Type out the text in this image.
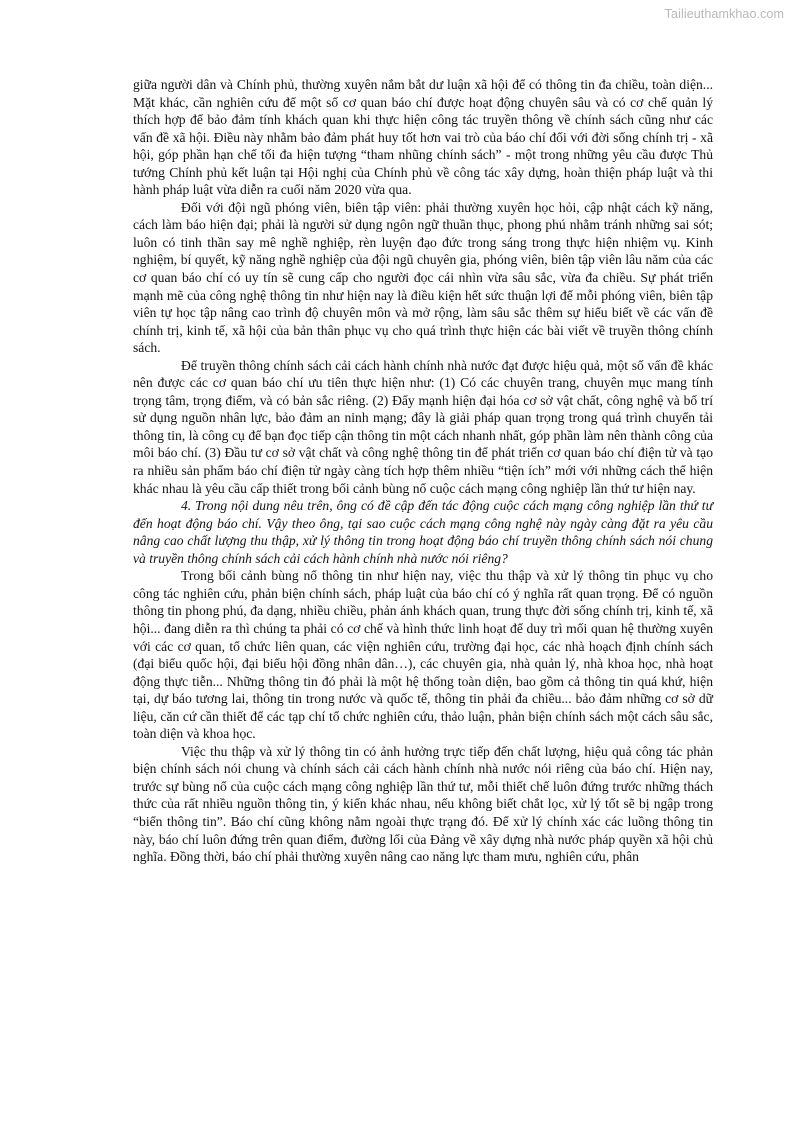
Tailieuthamkhao.com

giữa người dân và Chính phủ, thường xuyên nắm bắt dư luận xã hội để có thông tin đa chiều, toàn diện... Mặt khác, cần nghiên cứu để một số cơ quan báo chí được hoạt động chuyên sâu và có cơ chế quản lý thích hợp để bảo đảm tính khách quan khi thực hiện công tác truyền thông về chính sách cũng như các vấn đề xã hội. Điều này nhằm bảo đảm phát huy tốt hơn vai trò của báo chí đối với đời sống chính trị - xã hội, góp phần hạn chế tối đa hiện tượng “tham nhũng chính sách” - một trong những yêu cầu được Thủ tướng Chính phủ kết luận tại Hội nghị của Chính phủ về công tác xây dựng, hoàn thiện pháp luật và thi hành pháp luật vừa diễn ra cuối năm 2020 vừa qua.

Đối với đội ngũ phóng viên, biên tập viên: phải thường xuyên học hỏi, cập nhật cách kỹ năng, cách làm báo hiện đại; phải là người sử dụng ngôn ngữ thuần thục, phong phú nhằm tránh những sai sót; luôn có tinh thần say mê nghề nghiệp, rèn luyện đạo đức trong sáng trong thực hiện nhiệm vụ. Kinh nghiệm, bí quyết, kỹ năng nghề nghiệp của đội ngũ chuyên gia, phóng viên, biên tập viên lâu năm của các cơ quan báo chí có uy tín sẽ cung cấp cho người đọc cái nhìn vừa sâu sắc, vừa đa chiều. Sự phát triển mạnh mẽ của công nghệ thông tin như hiện nay là điều kiện hết sức thuận lợi để mỗi phóng viên, biên tập viên tự học tập nâng cao trình độ chuyên môn và mở rộng, làm sâu sắc thêm sự hiểu biết về các vấn đề chính trị, kinh tế, xã hội của bản thân phục vụ cho quá trình thực hiện các bài viết về truyền thông chính sách.

Để truyền thông chính sách cải cách hành chính nhà nước đạt được hiệu quả, một số vấn đề khác nên được các cơ quan báo chí ưu tiên thực hiện như: (1) Có các chuyên trang, chuyên mục mang tính trọng tâm, trọng điểm, và có bản sắc riêng. (2) Đẩy mạnh hiện đại hóa cơ sở vật chất, công nghệ và bố trí sử dụng nguồn nhân lực, bảo đảm an ninh mạng; đây là giải pháp quan trọng trong quá trình chuyển tải thông tin, là công cụ để bạn đọc tiếp cận thông tin một cách nhanh nhất, góp phần làm nên thành công của môi báo chí. (3) Đầu tư cơ sở vật chất và công nghệ thông tin để phát triển cơ quan báo chí điện tử và tạo ra nhiều sản phẩm báo chí điện tử ngày càng tích hợp thêm nhiều “tiện ích” mới với những cách thể hiện khác nhau là yêu cầu cấp thiết trong bối cảnh bùng nổ cuộc cách mạng công nghiệp lần thứ tư hiện nay.

4. Trong nội dung nêu trên, ông có đề cập đến tác động cuộc cách mạng công nghiệp lần thứ tư đến hoạt động báo chí. Vậy theo ông, tại sao cuộc cách mạng công nghệ này ngày càng đặt ra yêu cầu nâng cao chất lượng thu thập, xử lý thông tin trong hoạt động báo chí truyền thông chính sách nói chung và truyền thông chính sách cải cách hành chính nhà nước nói riêng?

Trong bối cảnh bùng nổ thông tin như hiện nay, việc thu thập và xử lý thông tin phục vụ cho công tác nghiên cứu, phản biện chính sách, pháp luật của báo chí có ý nghĩa rất quan trọng. Để có nguồn thông tin phong phú, đa dạng, nhiều chiều, phản ánh khách quan, trung thực đời sống chính trị, kinh tế, xã hội... đang diễn ra thì chúng ta phải có cơ chế và hình thức linh hoạt để duy trì mối quan hệ thường xuyên với các cơ quan, tổ chức liên quan, các viện nghiên cứu, trường đại học, các nhà hoạch định chính sách (đại biểu quốc hội, đại biểu hội đồng nhân dân…), các chuyên gia, nhà quản lý, nhà khoa học, nhà hoạt động thực tiễn... Những thông tin đó phải là một hệ thống toàn diện, bao gồm cả thông tin quá khứ, hiện tại, dự báo tương lai, thông tin trong nước và quốc tế, thông tin phải đa chiều... bảo đảm những cơ sở dữ liệu, căn cứ cần thiết để các tạp chí tổ chức nghiên cứu, thảo luận, phản biện chính sách một cách sâu sắc, toàn diện và khoa học.

Việc thu thập và xử lý thông tin có ảnh hưởng trực tiếp đến chất lượng, hiệu quả công tác phản biện chính sách nói chung và chính sách cải cách hành chính nhà nước nói riêng của báo chí. Hiện nay, trước sự bùng nổ của cuộc cách mạng công nghiệp lần thứ tư, mỗi thiết chế luôn đứng trước những thách thức của rất nhiều nguồn thông tin, ý kiến khác nhau, nếu không biết chắt lọc, xử lý tốt sẽ bị ngập trong “biển thông tin”. Báo chí cũng không nằm ngoài thực trạng đó. Để xử lý chính xác các luồng thông tin này, báo chí luôn đứng trên quan điểm, đường lối của Đảng về xây dựng nhà nước pháp quyền xã hội chủ nghĩa. Đồng thời, báo chí phải thường xuyên nâng cao năng lực tham mưu, nghiên cứu, phân
